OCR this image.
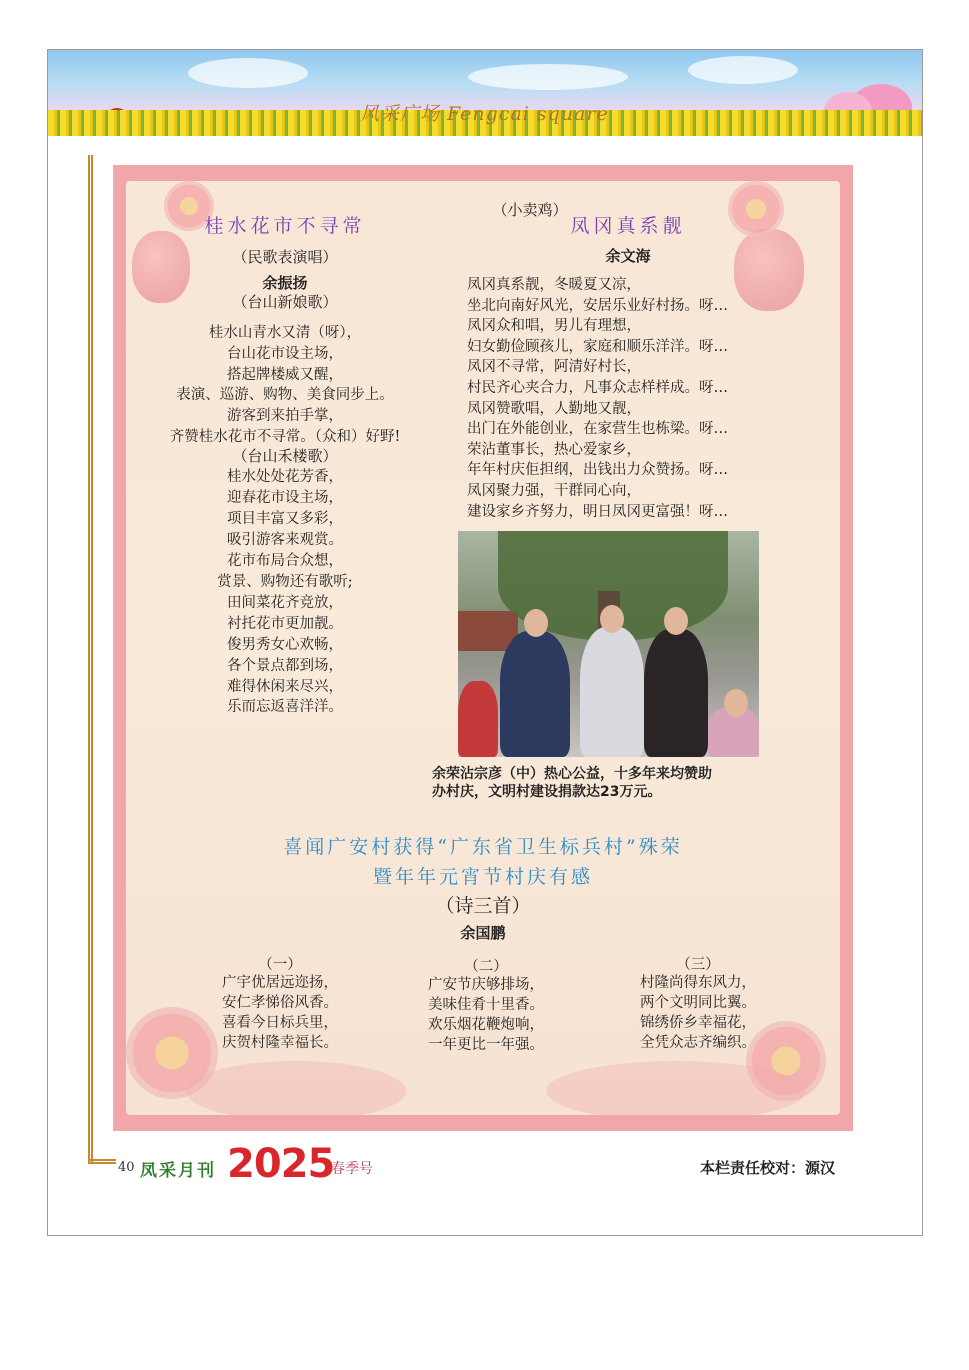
风采广场 Fengcai square
桂水花市不寻常
（民歌表演唱）
余振扬
（台山新娘歌）
桂水山青水又清（呀），
台山花市设主场，
搭起牌楼威又醒，
表演、巡游、购物、美食同步上。
游客到来拍手掌，
齐赞桂水花市不寻常。（众和）好野!
（台山禾楼歌）
桂水处处花芳香，
迎春花市设主场，
项目丰富又多彩，
吸引游客来观赏。
花市布局合众想，
赏景、购物还有歌听;
田间菜花齐竞放，
衬托花市更加靓。
俊男秀女心欢畅，
各个景点都到场，
难得休闲来尽兴，
乐而忘返喜洋洋。
（小卖鸡）
凤冈真系靓
余文海
凤冈真系靓，冬暖夏又凉，
坐北向南好风光，安居乐业好村扬。呀…
凤冈众和唱，男儿有理想，
妇女勤俭顾孩儿，家庭和顺乐洋洋。呀…
凤冈不寻常，阿清好村长，
村民齐心夹合力，凡事众志样样成。呀…
凤冈赞歌唱，人勤地又靓，
出门在外能创业，在家营生也栋梁。呀…
荣沾董事长，热心爱家乡，
年年村庆佢担纲，出钱出力众赞扬。呀…
凤冈聚力强，干群同心向，
建设家乡齐努力，明日凤冈更富强！呀…
余荣沾宗彦（中）热心公益，十多年来均赞助
办村庆，文明村建设捐款达23万元。
喜闻广安村获得“广东省卫生标兵村”殊荣
暨年年元宵节村庆有感
（诗三首）
余国鹏
（一）
广宇优居远迩扬，
安仁孝悌俗风香。
喜看今日标兵里，
庆贺村隆幸福长。
（二）
广安节庆够排场，
美味佳肴十里香。
欢乐烟花鞭炮响，
一年更比一年强。
（三）
村隆尚得东风力，
两个文明同比翼。
锦绣侨乡幸福花，
全凭众志齐编织。
40 凤采月刊 2025
春季号	本栏责任校对：源汉
